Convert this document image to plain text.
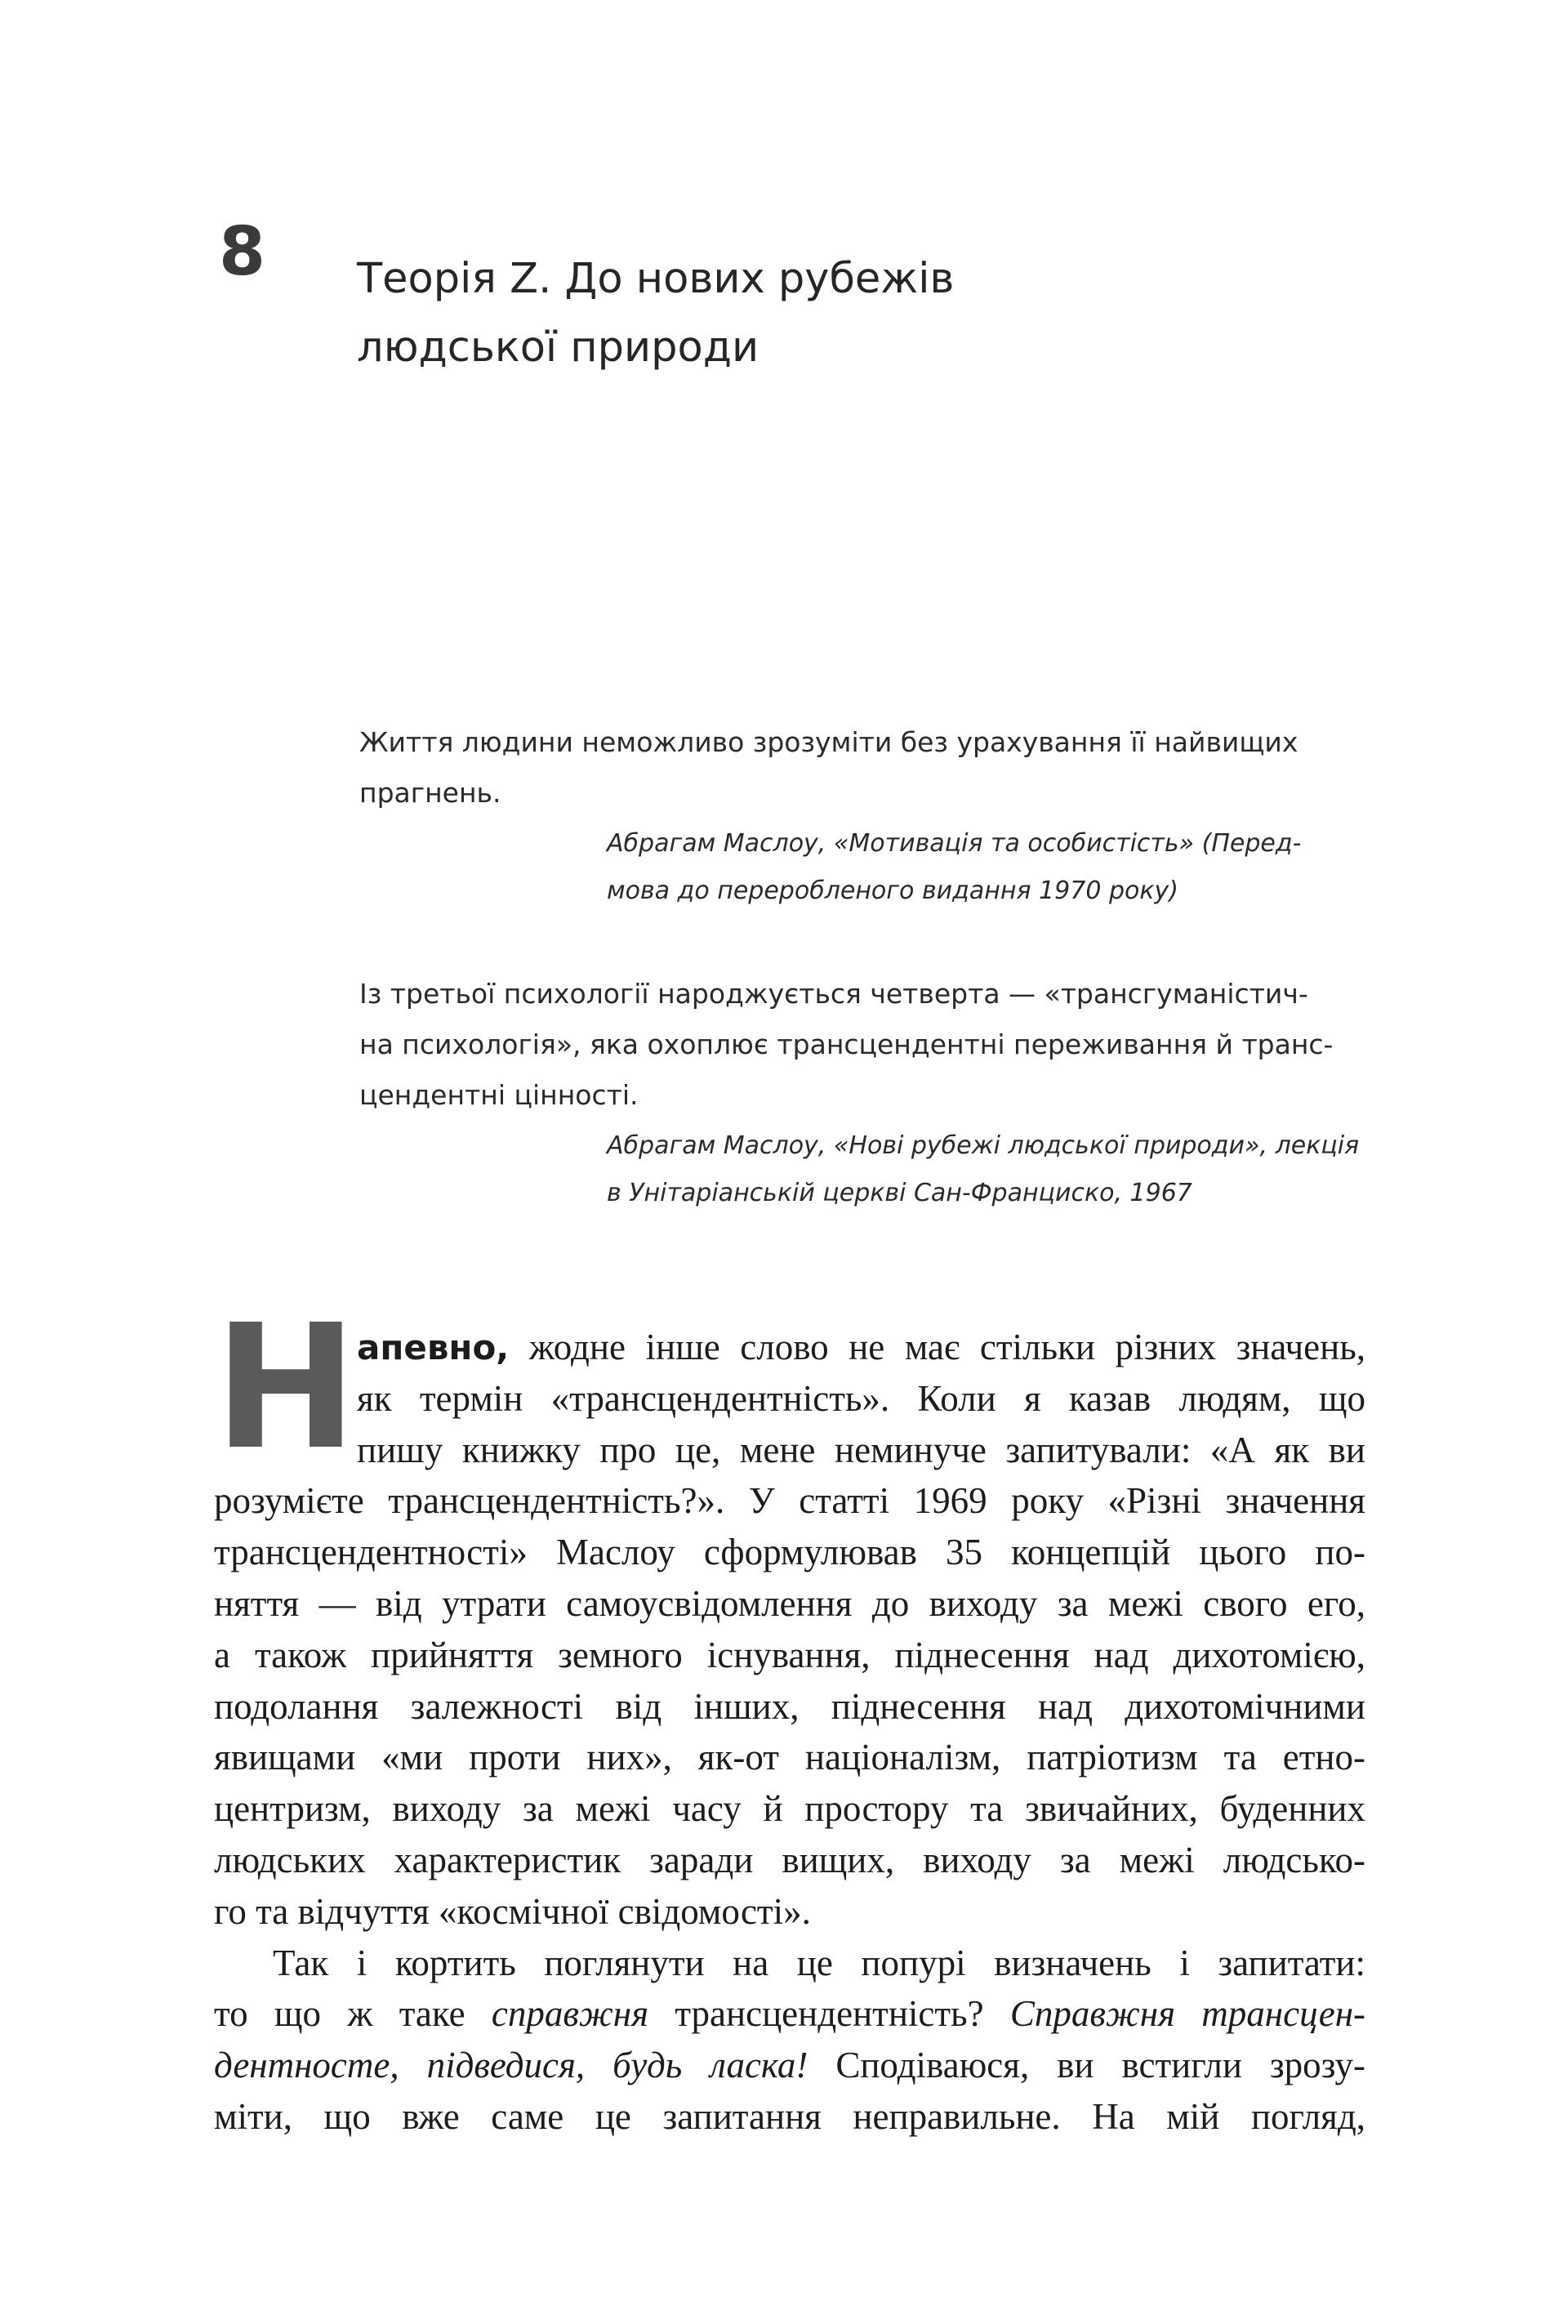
8 Теорія Z. До нових рубежів
людської природи
Життя людини неможливо зрозуміти без урахування її найвищих
прагнень.
Абрагам Маслоу, «Мотивація та особистість» (Перед-
мова до переробленого видання 1970 року)
Із третьої психології народжується четверта — «трансгуманістич-
на психологія», яка охоплює трансцендентні переживання й транс-
цендентні цінності.
Абрагам Маслоу, «Нові рубежі людської природи», лекція
в Унітаріанській церкві Сан-Франциско, 1967
Н апевно, жодне інше слово не має стільки різних значень,
як термін «трансцендентність». Коли я казав людям, що
пишу книжку про це, мене неминуче запитували: «А як ви
розумієте трансцендентність?». У статті 1969 року «Різні значення
трансцендентності» Маслоу сформулював 35 концепцій цього по-
няття — від утрати самоусвідомлення до виходу за межі свого его,
а також прийняття земного існування, піднесення над дихотомією,
подолання залежності від інших, піднесення над дихотомічними
явищами «ми проти них», як-от націоналізм, патріотизм та етно-
центризм, виходу за межі часу й простору та звичайних, буденних
людських характеристик заради вищих, виходу за межі людсько-
го та відчуття «космічної свідомості».
Так і кортить поглянути на це попурі визначень і запитати:
то що ж таке справжня трансцендентність? Справжня трансцен-
дентносте, підведися, будь ласка! Сподіваюся, ви встигли зрозу-
міти, що вже саме це запитання неправильне. На мій погляд,
